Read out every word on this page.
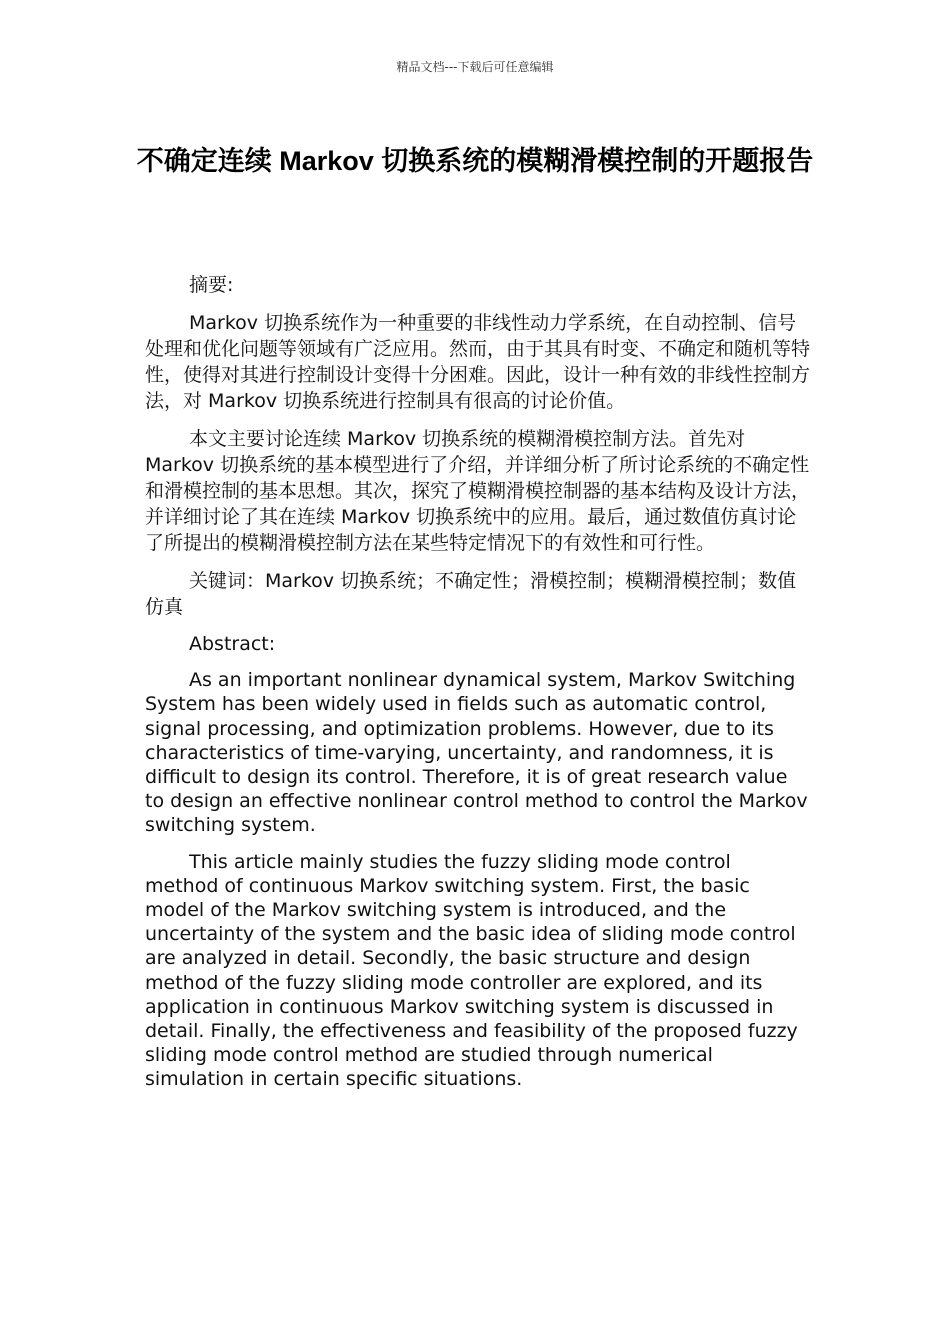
精品文档---下载后可任意编辑
不确定连续 Markov 切换系统的模糊滑模控制的开题报告

摘要:

Markov 切换系统作为一种重要的非线性动力学系统，在自动控制、信号处理和优化问题等领域有广泛应用。然而，由于其具有时变、不确定和随机等特性，使得对其进行控制设计变得十分困难。因此，设计一种有效的非线性控制方法，对 Markov 切换系统进行控制具有很高的讨论价值。

本文主要讨论连续 Markov 切换系统的模糊滑模控制方法。首先对 Markov 切换系统的基本模型进行了介绍，并详细分析了所讨论系统的不确定性和滑模控制的基本思想。其次，探究了模糊滑模控制器的基本结构及设计方法，并详细讨论了其在连续 Markov 切换系统中的应用。最后，通过数值仿真讨论了所提出的模糊滑模控制方法在某些特定情况下的有效性和可行性。

关键词：Markov 切换系统；不确定性；滑模控制；模糊滑模控制；数值仿真

Abstract:

As an important nonlinear dynamical system, Markov Switching System has been widely used in fields such as automatic control, signal processing, and optimization problems. However, due to its characteristics of time-varying, uncertainty, and randomness, it is difficult to design its control. Therefore, it is of great research value to design an effective nonlinear control method to control the Markov switching system.

This article mainly studies the fuzzy sliding mode control method of continuous Markov switching system. First, the basic model of the Markov switching system is introduced, and the uncertainty of the system and the basic idea of sliding mode control are analyzed in detail. Secondly, the basic structure and design method of the fuzzy sliding mode controller are explored, and its application in continuous Markov switching system is discussed in detail. Finally, the effectiveness and feasibility of the proposed fuzzy sliding mode control method are studied through numerical simulation in certain specific situations.
